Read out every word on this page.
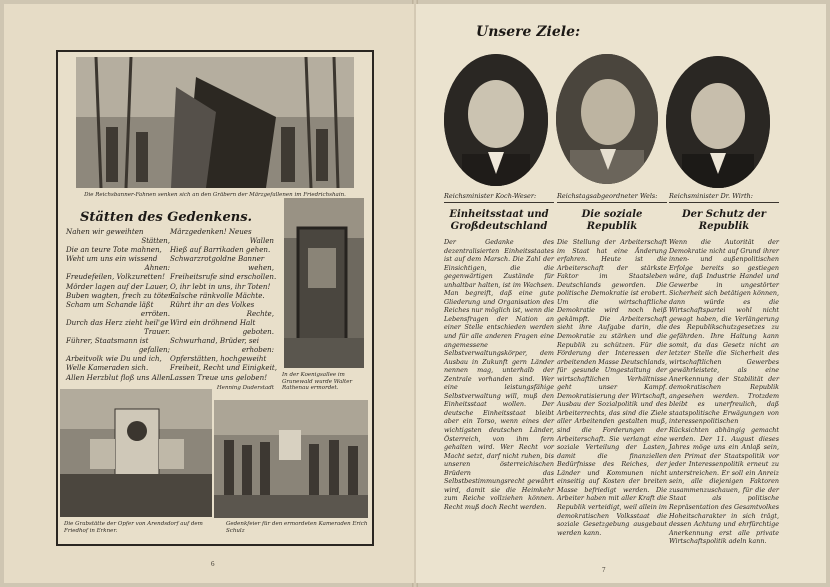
Die Reichsbanner-Fahnen senken sich an den Gräbern der Märzgefallenen im Friedrichshain.
Stätten des Gedenkens.
Nahen wir geweihten
Stätten,
Die an teure Tote mahnen,
Weht um uns ein wissend
Ahnen:
Freudefeilen, Volkzuretten!
Mörder lagen auf der Lauer,
Buben wagten, frech zu töten.
Scham um Schande läßt
erröten.
Durch das Herz zieht heil'ge
Trauer.
Führer, Staatsmann ist
gefallen;
Arbeitvolk wie Du und ich,
Welle Kameraden sich.
Allen Herzblut floß uns Allen.
Märzgedenken! Neues
Wallen
Hieß auf Barrikaden gehen.
Schwarzrotgoldne Banner
wehen,
Freiheitsrufe sind erschollen.
O, ihr lebt in uns, ihr Toten!
Falsche ränkvolle Mächte.
Rührt ihr an des Volkes
Rechte,
Wird ein dröhnend Halt
geboten.
Schwurhand, Brüder, sei
erhoben:
Opferstätten, hochgeweiht
Freiheit, Recht und Einigkeit,
Lassen Treue uns geloben!
Henning Duderstadt
In der Koenigsallee im Grunewald wurde Walter Rathenau ermordet.
Die Grabstätte der Opfer von Arendsdorf auf dem Friedhof in Erkner.
Gedenkfeier für den ermordeten Kameraden Erich Schulz
6
Unsere Ziele:
Reichsminister Koch-Weser:
Einheitsstaat und Großdeutschland
Der Gedanke des dezentralisierten Einheitsstaates ist auf dem Marsch. Die Zahl der Einsichtigen, die die gegenwärtigen Zustände für unhaltbar halten, ist im Wachsen. Man begreift, daß eine gute Gliederung und Organisation des Reiches nur möglich ist, wenn die Lebensfragen der Nation an einer Stelle entschieden werden und für alle anderen Fragen eine angemessene Selbstverwaltungskörper, dem Ausbau in Zukunft gern Länder nennen mag, unterhalb der Zentrale vorhanden sind. Wer eine leistungsfähige Selbstverwaltung will, muß den Einheitsstaat wollen. Der deutsche Einheitsstaat bleibt aber ein Torso, wenn eines der wichtigsten deutschen Länder, Österreich, von ihm fern gehalten wird. Wer Recht vor Macht setzt, darf nicht ruhen, bis unseren österreichischen Brüdern das Selbstbestimmungsrecht gewährt wird, damit sie die Heimkehr zum Reiche vollziehen können. Recht muß doch Recht werden.
Reichstagsabgeordneter Wels:
Die soziale Republik
Die Stellung der Arbeiterschaft im Staat hat eine Änderung erfahren. Heute ist die Arbeiterschaft der stärkste Faktor im Staatsleben Deutschlands geworden. Die politische Demokratie ist erobert. Um die wirtschaftliche Demokratie wird noch heiß gekämpft. Die Arbeiterschaft sieht ihre Aufgabe darin, die Demokratie zu stärken und die Republik zu schützen. Für die Förderung der Interessen der arbeitenden Masse Deutschlands, für gesunde Umgestaltung der wirtschaftlichen Verhältnisse geht unser Kampf. Demokratisierung der Wirtschaft, Ausbau der Sozialpolitik und des Arbeiterrechts, das sind die Ziele aller Arbeitenden gestalten muß, sind die Forderungen der Arbeiterschaft. Sie verlangt eine soziale Verteilung der Lasten, damit die finanziellen Bedürfnisse des Reiches, der Länder und Kommunen nicht einseitig auf Kosten der breiten Masse befriedigt werden. Die Arbeiter haben mit aller Kraft die Republik verteidigt, weil allein im demokratischen Volksstaat die soziale Gesetzgebung ausgebaut werden kann.
Reichsminister Dr. Wirth:
Der Schutz der Republik
Wenn die Autorität der Demokratie nicht auf Grund ihrer innen- und außenpolitischen Erfolge bereits so gestiegen wäre, daß Industrie Handel und Gewerbe in ungestörter Sicherheit sich betätigen können, dann würde es die Wirtschaftspartei wohl nicht gewagt haben, die Verlängerung des Republikschutzgesetzes zu gefährden. Ihre Haltung kann somit, da das Gesetz nicht an letzter Stelle die Sicherheit des wirtschaftlichen Gewerbes gewährleistete, als eine Anerkennung der Stabilität der demokratischen Republik angesehen werden. Trotzdem bleibt es unerfreulich, daß staatspolitische Erwägungen von interessenpolitischen Rücksichten abhängig gemacht werden. Der 11. August dieses Jahres möge uns ein Anlaß sein, den Primat der Staatspolitik vor jeder Interessenpolitik erneut zu unterstreichen. Er soll ein Anreiz sein, alle diejenigen Faktoren zusammenzuschauen, für die der Staat als politische Repräsentation des Gesamtvolkes Hoheitscharakter in sich trägt, dessen Achtung und ehrfürchtige Anerkennung erst alle private Wirtschaftspolitik adeln kann.
7
